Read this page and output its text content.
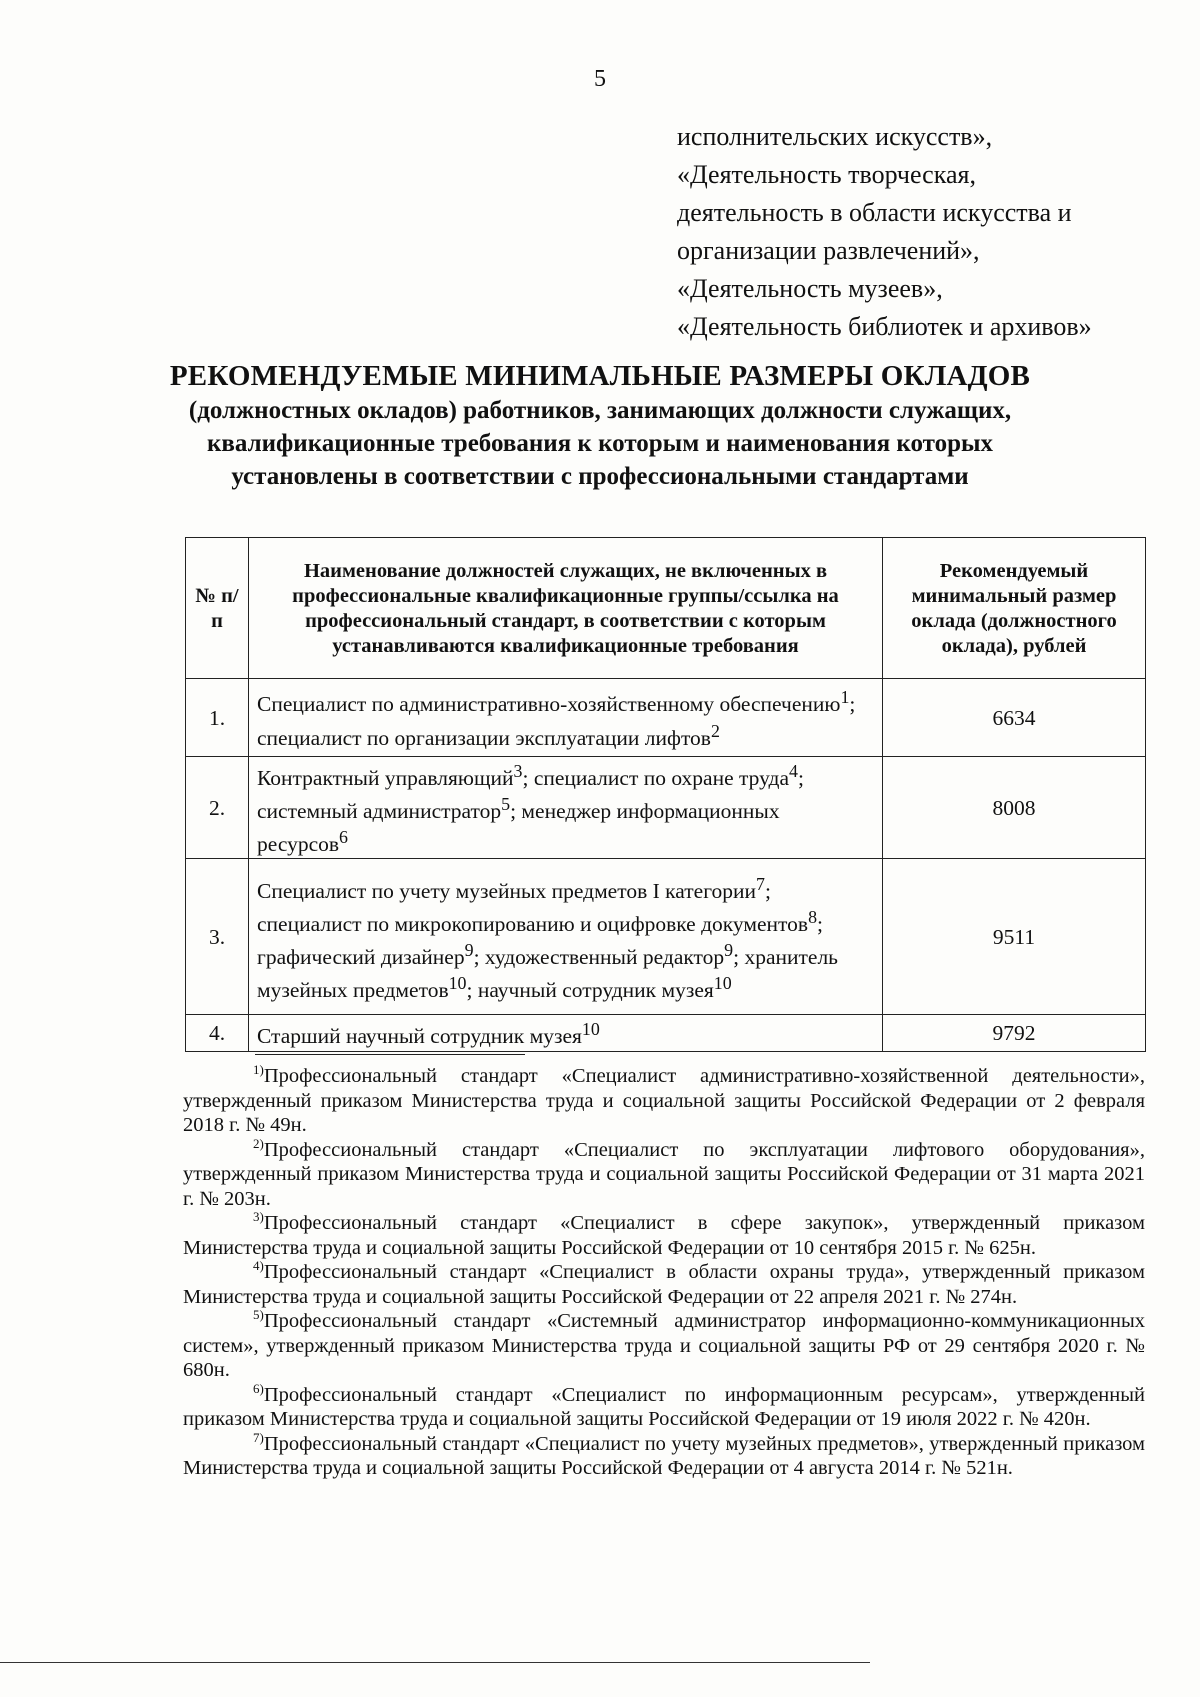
5
исполнительских искусств»,
«Деятельность творческая,
деятельность в области искусства и
организации развлечений»,
«Деятельность музеев»,
«Деятельность библиотек и архивов»
РЕКОМЕНДУЕМЫЕ МИНИМАЛЬНЫЕ РАЗМЕРЫ ОКЛАДОВ
(должностных окладов) работников, занимающих должности служащих,
квалификационные требования к которым и наименования которых
установлены в соответствии с профессиональными стандартами
№ п/п	Наименование должностей служащих, не включенных в профессиональные квалификационные группы/ссылка на профессиональный стандарт, в соответствии с которым устанавливаются квалификационные требования	Рекомендуемый минимальный размер оклада (должностного оклада), рублей
1.	Специалист по административно-хозяйственному обеспечению$^1$; специалист по организации эксплуатации лифтов$^2$	6634
2.	Контрактный управляющий$^3$; специалист по охране труда$^4$; системный администратор$^5$; менеджер информационных ресурсов$^6$	8008
3.	Специалист по учету музейных предметов I категории$^7$; специалист по микрокопированию и оцифровке документов$^8$; графический дизайнер$^9$; художественный редактор$^9$; хранитель музейных предметов$^{10}$; научный сотрудник музея$^{10}$	9511
4.	Старший научный сотрудник музея$^{10}$	9792

$^{1)}$Профессиональный стандарт «Специалист административно-хозяйственной деятельности», утвержденный приказом Министерства труда и социальной защиты Российской Федерации от 2 февраля 2018 г. № 49н.

$^{2)}$Профессиональный стандарт «Специалист по эксплуатации лифтового оборудования», утвержденный приказом Министерства труда и социальной защиты Российской Федерации от 31 марта 2021 г. № 203н.

$^{3)}$Профессиональный стандарт «Специалист в сфере закупок», утвержденный приказом Министерства труда и социальной защиты Российской Федерации от 10 сентября 2015 г. № 625н.

$^{4)}$Профессиональный стандарт «Специалист в области охраны труда», утвержденный приказом Министерства труда и социальной защиты Российской Федерации от 22 апреля 2021 г. № 274н.

$^{5)}$Профессиональный стандарт «Системный администратор информационно-коммуникационных систем», утвержденный приказом Министерства труда и социальной защиты РФ от 29 сентября 2020 г. № 680н.

$^{6)}$Профессиональный стандарт «Специалист по информационным ресурсам», утвержденный приказом Министерства труда и социальной защиты Российской Федерации от 19 июля 2022 г. № 420н.

$^{7)}$Профессиональный стандарт «Специалист по учету музейных предметов», утвержденный приказом Министерства труда и социальной защиты Российской Федерации от 4 августа 2014 г. № 521н.
